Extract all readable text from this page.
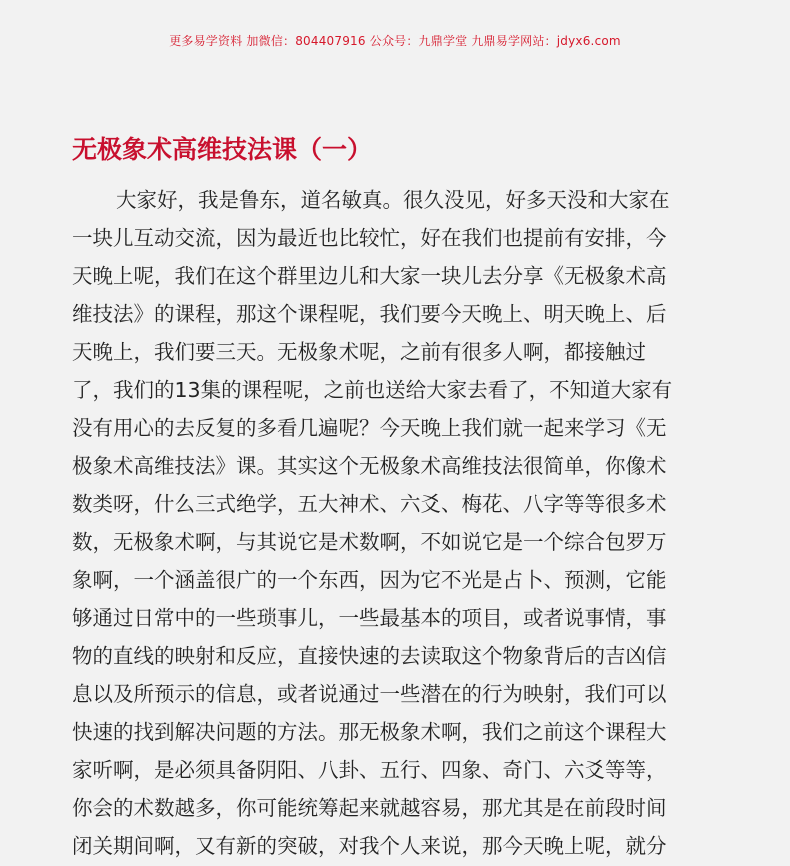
更多易学资料 加微信：804407916 公众号：九鼎学堂 九鼎易学网站：jdyx6.com
无极象术高维技法课（一）
大家好，我是鲁东，道名敏真。很久没见，好多天没和大家在
一块儿互动交流，因为最近也比较忙，好在我们也提前有安排，今
天晚上呢，我们在这个群里边儿和大家一块儿去分享《无极象术高
维技法》的课程，那这个课程呢，我们要今天晚上、明天晚上、后
天晚上，我们要三天。无极象术呢，之前有很多人啊，都接触过
了，我们的13集的课程呢，之前也送给大家去看了，不知道大家有
没有用心的去反复的多看几遍呢？今天晚上我们就一起来学习《无
极象术高维技法》课。其实这个无极象术高维技法很简单，你像术
数类呀，什么三式绝学，五大神术、六爻、梅花、八字等等很多术
数，无极象术啊，与其说它是术数啊，不如说它是一个综合包罗万
象啊，一个涵盖很广的一个东西，因为它不光是占卜、预测，它能
够通过日常中的一些琐事儿，一些最基本的项目，或者说事情，事
物的直线的映射和反应，直接快速的去读取这个物象背后的吉凶信
息以及所预示的信息，或者说通过一些潜在的行为映射，我们可以
快速的找到解决问题的方法。那无极象术啊，我们之前这个课程大
家听啊，是必须具备阴阳、八卦、五行、四象、奇门、六爻等等，
你会的术数越多，你可能统筹起来就越容易，那尤其是在前段时间
闭关期间啊，又有新的突破，对我个人来说，那今天晚上呢，就分
